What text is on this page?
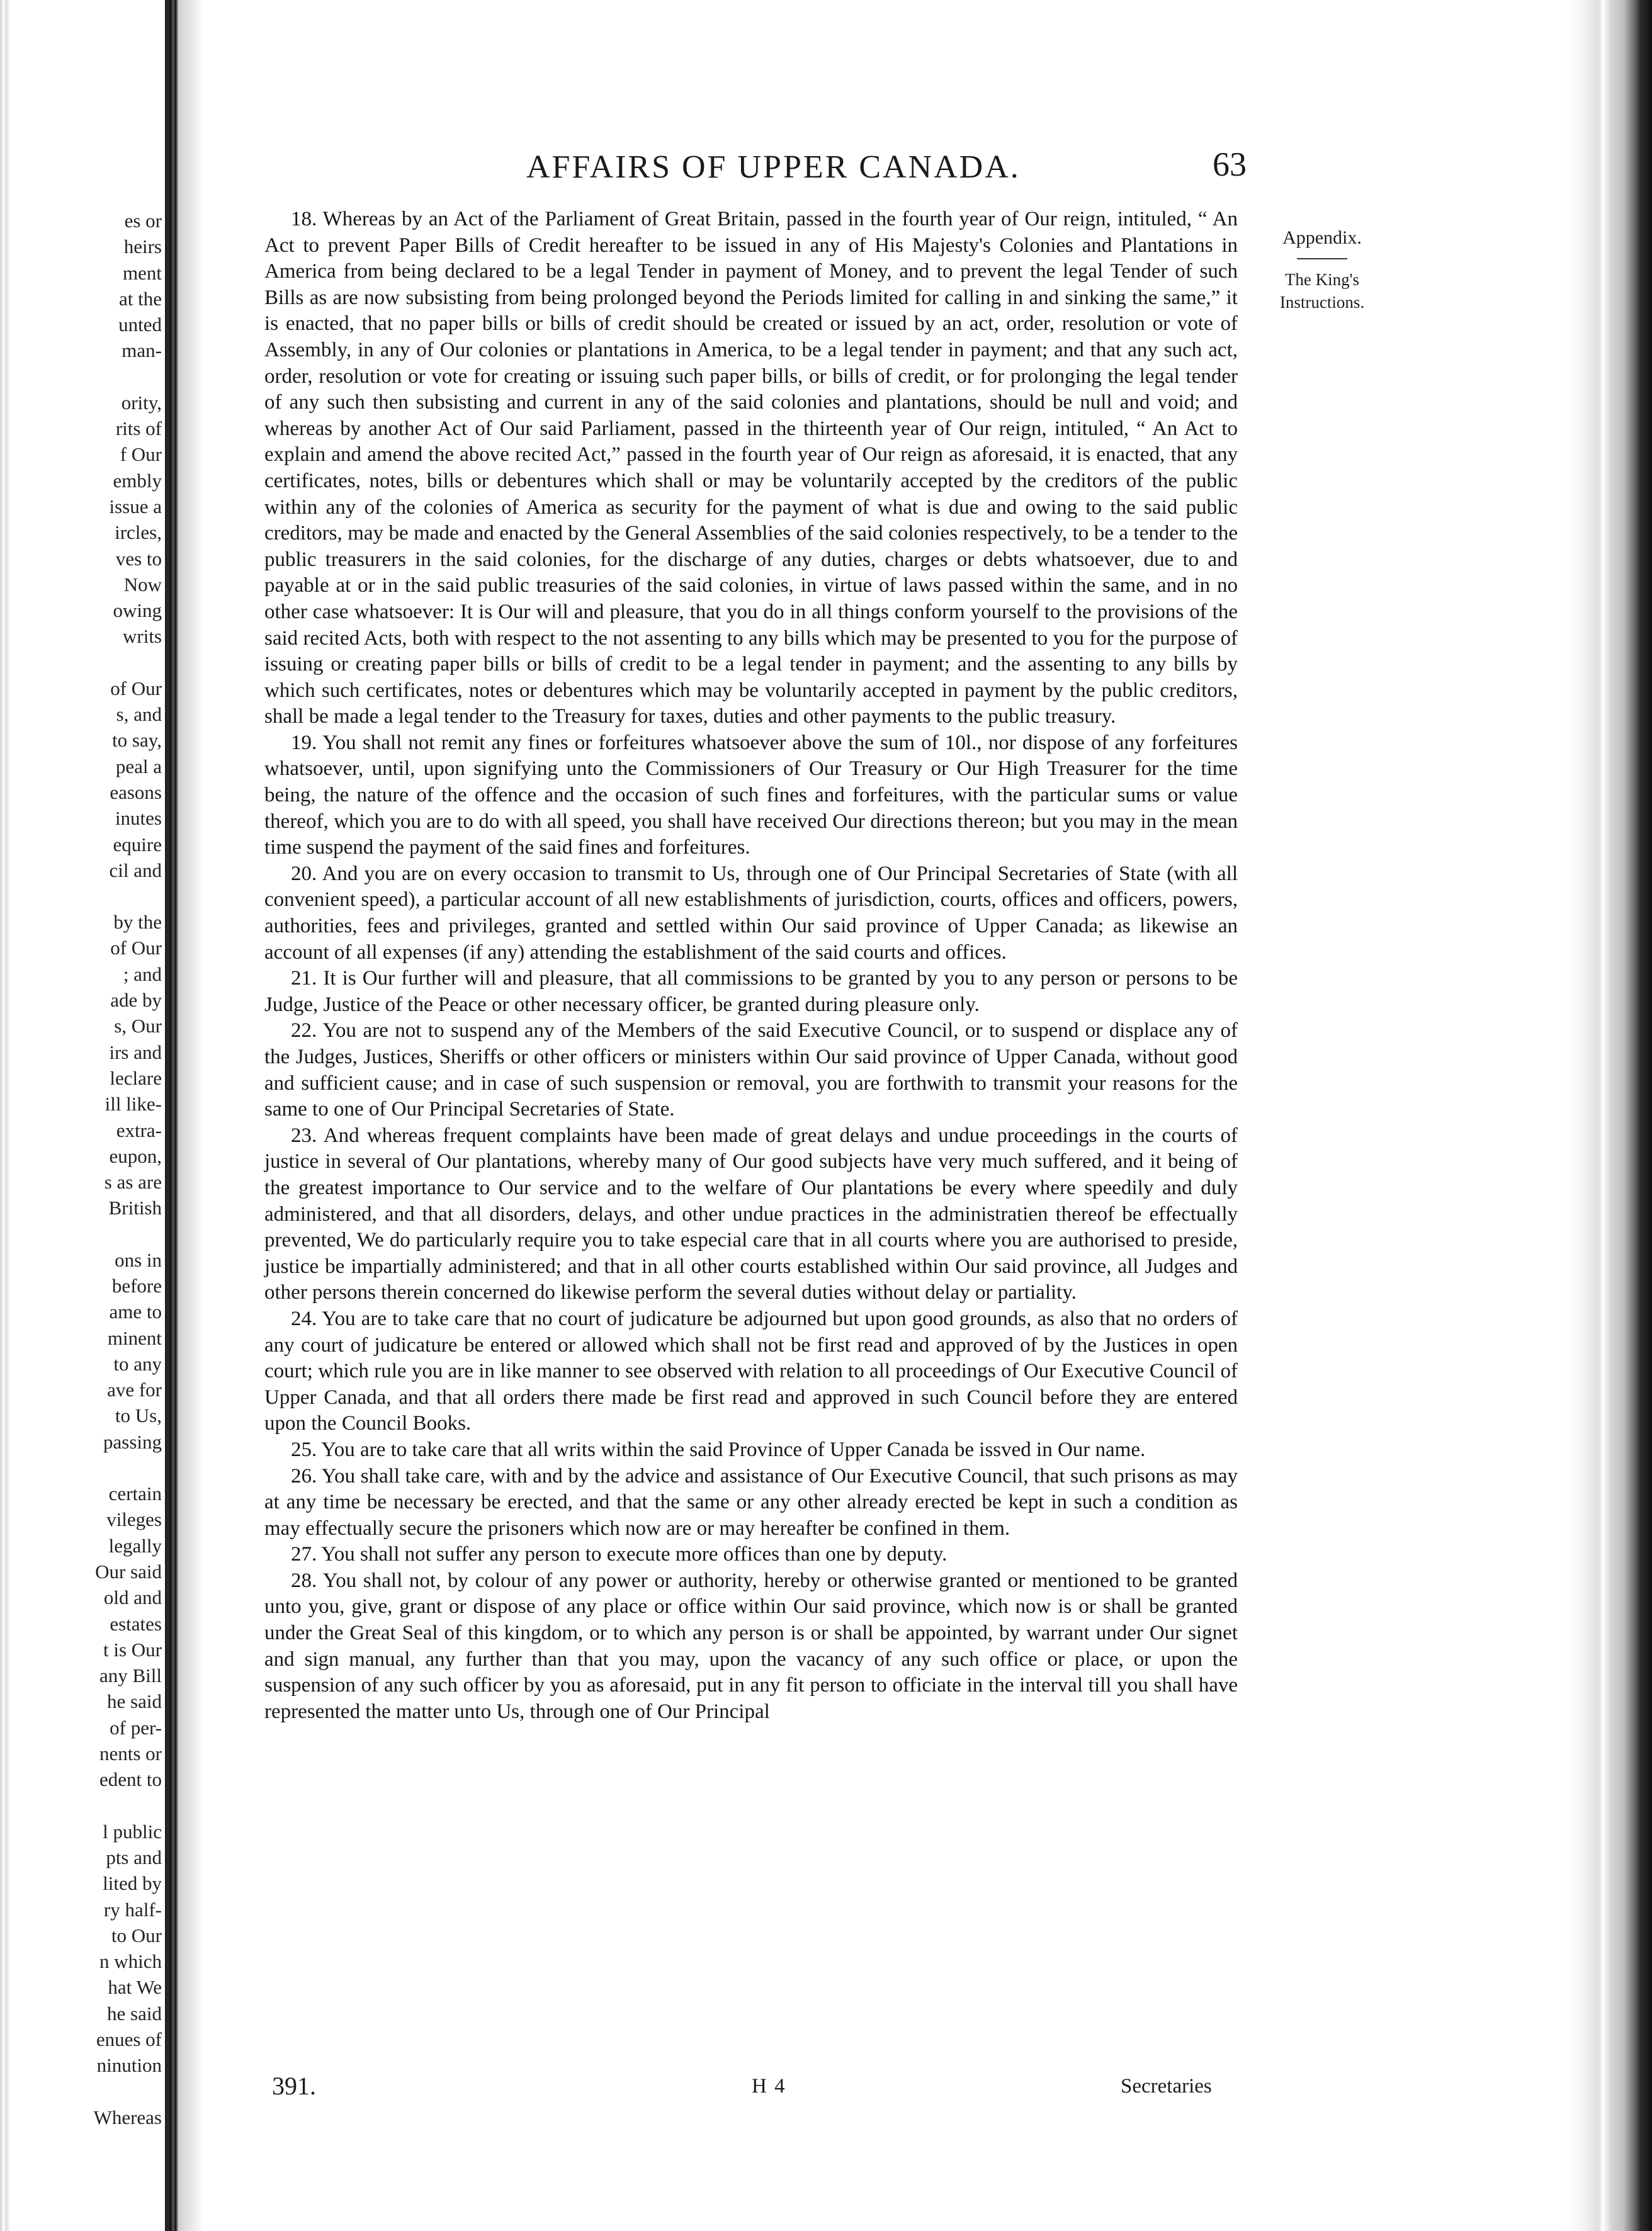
es or
heirs
ment
at the
unted
man-
ority,
rits of
f Our
embly
issue a
ircles,
ves to
Now
owing
writs
of Our
s, and
to say,
peal a
easons
inutes
equire
cil and
by the
of Our
; and
ade by
s, Our
irs and
leclare
ill like-
extra-
eupon,
s as are
British
ons in
before
ame to
minent
to any
ave for
to Us,
passing
certain
vileges
legally
Our said
old and
estates
t is Our
any Bill
he said
of per-
nents or
edent to
l public
pts and
lited by
ry half-
to Our
n which
hat We
he said
enues of
ninution
Whereas
AFFAIRS OF UPPER CANADA.	63
Appendix.
The King's Instructions.

18. Whereas by an Act of the Parliament of Great Britain, passed in the fourth year of Our reign, intituled, “ An Act to prevent Paper Bills of Credit hereafter to be issued in any of His Majesty's Colonies and Plantations in America from being declared to be a legal Tender in payment of Money, and to prevent the legal Tender of such Bills as are now subsisting from being prolonged beyond the Periods limited for calling in and sinking the same,” it is enacted, that no paper bills or bills of credit should be created or issued by an act, order, resolution or vote of Assembly, in any of Our colonies or plantations in America, to be a legal tender in payment; and that any such act, order, resolution or vote for creating or issuing such paper bills, or bills of credit, or for prolonging the legal tender of any such then subsisting and current in any of the said colonies and plantations, should be null and void; and whereas by another Act of Our said Parliament, passed in the thirteenth year of Our reign, intituled, “ An Act to explain and amend the above recited Act,” passed in the fourth year of Our reign as aforesaid, it is enacted, that any certificates, notes, bills or debentures which shall or may be voluntarily accepted by the creditors of the public within any of the colonies of America as security for the payment of what is due and owing to the said public creditors, may be made and enacted by the General Assemblies of the said colonies respectively, to be a tender to the public treasurers in the said colonies, for the discharge of any duties, charges or debts whatsoever, due to and payable at or in the said public treasuries of the said colonies, in virtue of laws passed within the same, and in no other case whatsoever: It is Our will and pleasure, that you do in all things conform yourself to the provisions of the said recited Acts, both with respect to the not assenting to any bills which may be presented to you for the purpose of issuing or creating paper bills or bills of credit to be a legal tender in payment; and the assenting to any bills by which such certificates, notes or debentures which may be voluntarily accepted in payment by the public creditors, shall be made a legal tender to the Treasury for taxes, duties and other payments to the public treasury.

19. You shall not remit any fines or forfeitures whatsoever above the sum of 10l., nor dispose of any forfeitures whatsoever, until, upon signifying unto the Commissioners of Our Treasury or Our High Treasurer for the time being, the nature of the offence and the occasion of such fines and forfeitures, with the particular sums or value thereof, which you are to do with all speed, you shall have received Our directions thereon; but you may in the mean time suspend the payment of the said fines and forfeitures.

20. And you are on every occasion to transmit to Us, through one of Our Principal Secretaries of State (with all convenient speed), a particular account of all new establishments of jurisdiction, courts, offices and officers, powers, authorities, fees and privileges, granted and settled within Our said province of Upper Canada; as likewise an account of all expenses (if any) attending the establishment of the said courts and offices.

21. It is Our further will and pleasure, that all commissions to be granted by you to any person or persons to be Judge, Justice of the Peace or other necessary officer, be granted during pleasure only.

22. You are not to suspend any of the Members of the said Executive Council, or to suspend or displace any of the Judges, Justices, Sheriffs or other officers or ministers within Our said province of Upper Canada, without good and sufficient cause; and in case of such suspension or removal, you are forthwith to transmit your reasons for the same to one of Our Principal Secretaries of State.

23. And whereas frequent complaints have been made of great delays and undue proceedings in the courts of justice in several of Our plantations, whereby many of Our good subjects have very much suffered, and it being of the greatest importance to Our service and to the welfare of Our plantations be every where speedily and duly administered, and that all disorders, delays, and other undue practices in the administratien thereof be effectually prevented, We do particularly require you to take especial care that in all courts where you are authorised to preside, justice be impartially administered; and that in all other courts established within Our said province, all Judges and other persons therein concerned do likewise perform the several duties without delay or partiality.

24. You are to take care that no court of judicature be adjourned but upon good grounds, as also that no orders of any court of judicature be entered or allowed which shall not be first read and approved of by the Justices in open court; which rule you are in like manner to see observed with relation to all proceedings of Our Executive Council of Upper Canada, and that all orders there made be first read and approved in such Council before they are entered upon the Council Books.

25. You are to take care that all writs within the said Province of Upper Canada be issved in Our name.

26. You shall take care, with and by the advice and assistance of Our Executive Council, that such prisons as may at any time be necessary be erected, and that the same or any other already erected be kept in such a condition as may effectually secure the prisoners which now are or may hereafter be confined in them.

27. You shall not suffer any person to execute more offices than one by deputy.

28. You shall not, by colour of any power or authority, hereby or otherwise granted or mentioned to be granted unto you, give, grant or dispose of any place or office within Our said province, which now is or shall be granted under the Great Seal of this kingdom, or to which any person is or shall be appointed, by warrant under Our signet and sign manual, any further than that you may, upon the vacancy of any such office or place, or upon the suspension of any such officer by you as aforesaid, put in any fit person to officiate in the interval till you shall have represented the matter unto Us, through one of Our Principal

391.	H 4	Secretaries
